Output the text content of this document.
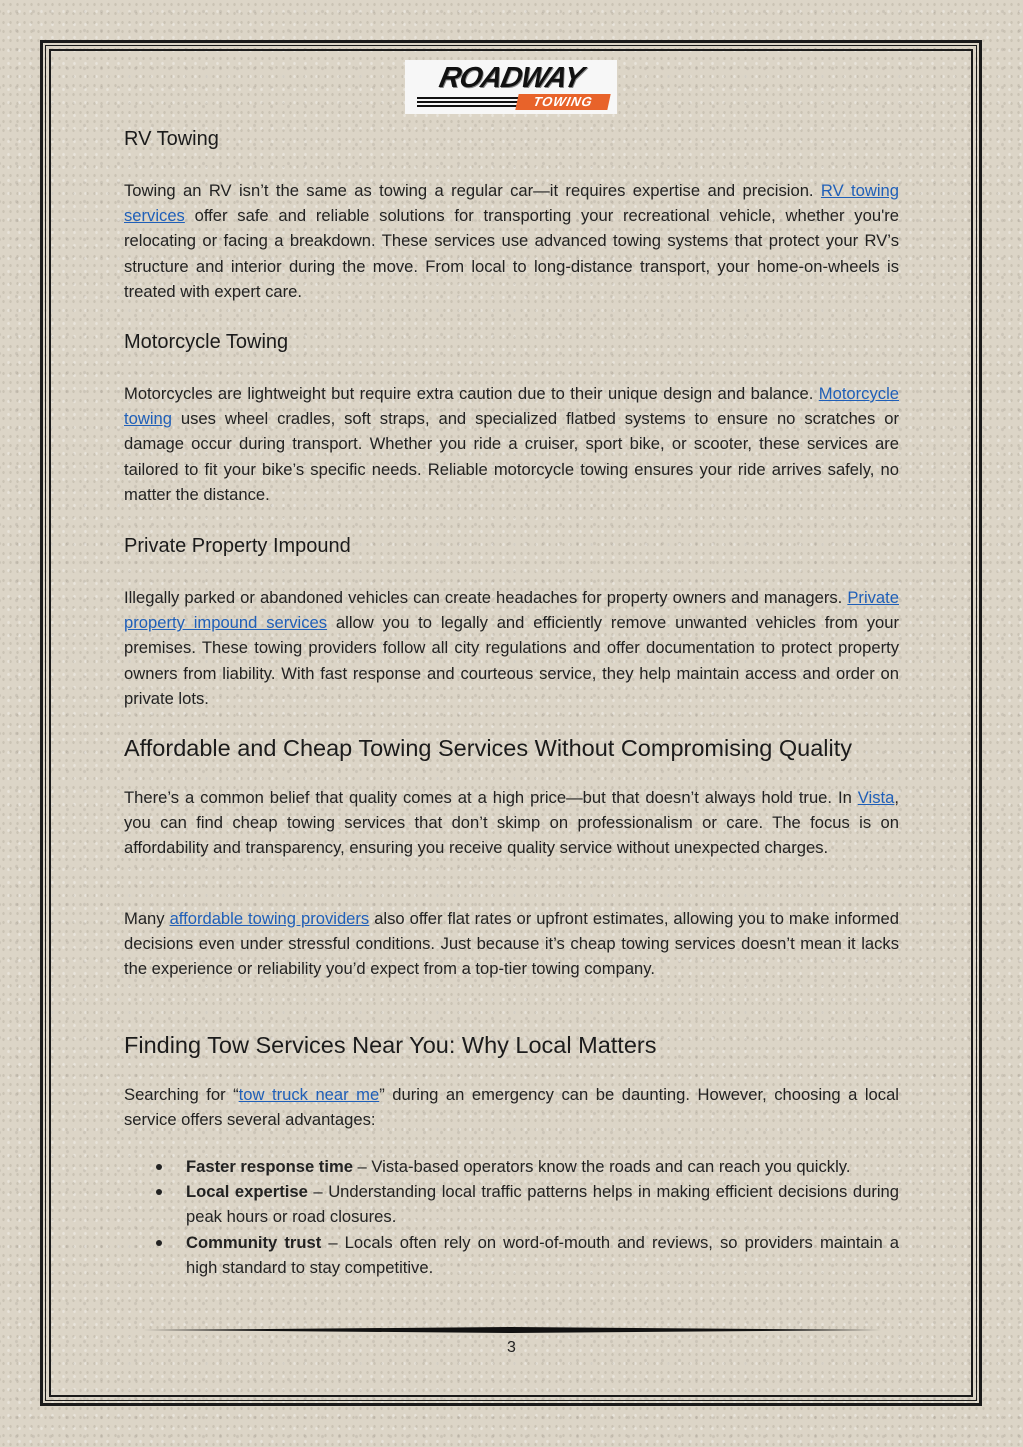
ROADWAY
TOWING
RV Towing

Towing an RV isn’t the same as towing a regular car—it requires expertise and precision. RV towing services offer safe and reliable solutions for transporting your recreational vehicle, whether you're relocating or facing a breakdown. These services use advanced towing systems that protect your RV’s structure and interior during the move. From local to long-distance transport, your home-on-wheels is treated with expert care.

Motorcycle Towing

Motorcycles are lightweight but require extra caution due to their unique design and balance. Motorcycle towing uses wheel cradles, soft straps, and specialized flatbed systems to ensure no scratches or damage occur during transport. Whether you ride a cruiser, sport bike, or scooter, these services are tailored to fit your bike’s specific needs. Reliable motorcycle towing ensures your ride arrives safely, no matter the distance.

Private Property Impound

Illegally parked or abandoned vehicles can create headaches for property owners and managers. Private property impound services allow you to legally and efficiently remove unwanted vehicles from your premises. These towing providers follow all city regulations and offer documentation to protect property owners from liability. With fast response and courteous service, they help maintain access and order on private lots.

Affordable and Cheap Towing Services Without Compromising Quality

There’s a common belief that quality comes at a high price—but that doesn’t always hold true. In Vista, you can find cheap towing services that don’t skimp on professionalism or care. The focus is on affordability and transparency, ensuring you receive quality service without unexpected charges.

Many affordable towing providers also offer flat rates or upfront estimates, allowing you to make informed decisions even under stressful conditions. Just because it’s cheap towing services doesn’t mean it lacks the experience or reliability you’d expect from a top-tier towing company.

Finding Tow Services Near You: Why Local Matters

Searching for “tow truck near me” during an emergency can be daunting. However, choosing a local service offers several advantages:

Faster response time – Vista-based operators know the roads and can reach you quickly.
Local expertise – Understanding local traffic patterns helps in making efficient decisions during peak hours or road closures.
Community trust – Locals often rely on word-of-mouth and reviews, so providers maintain a high standard to stay competitive.
3
